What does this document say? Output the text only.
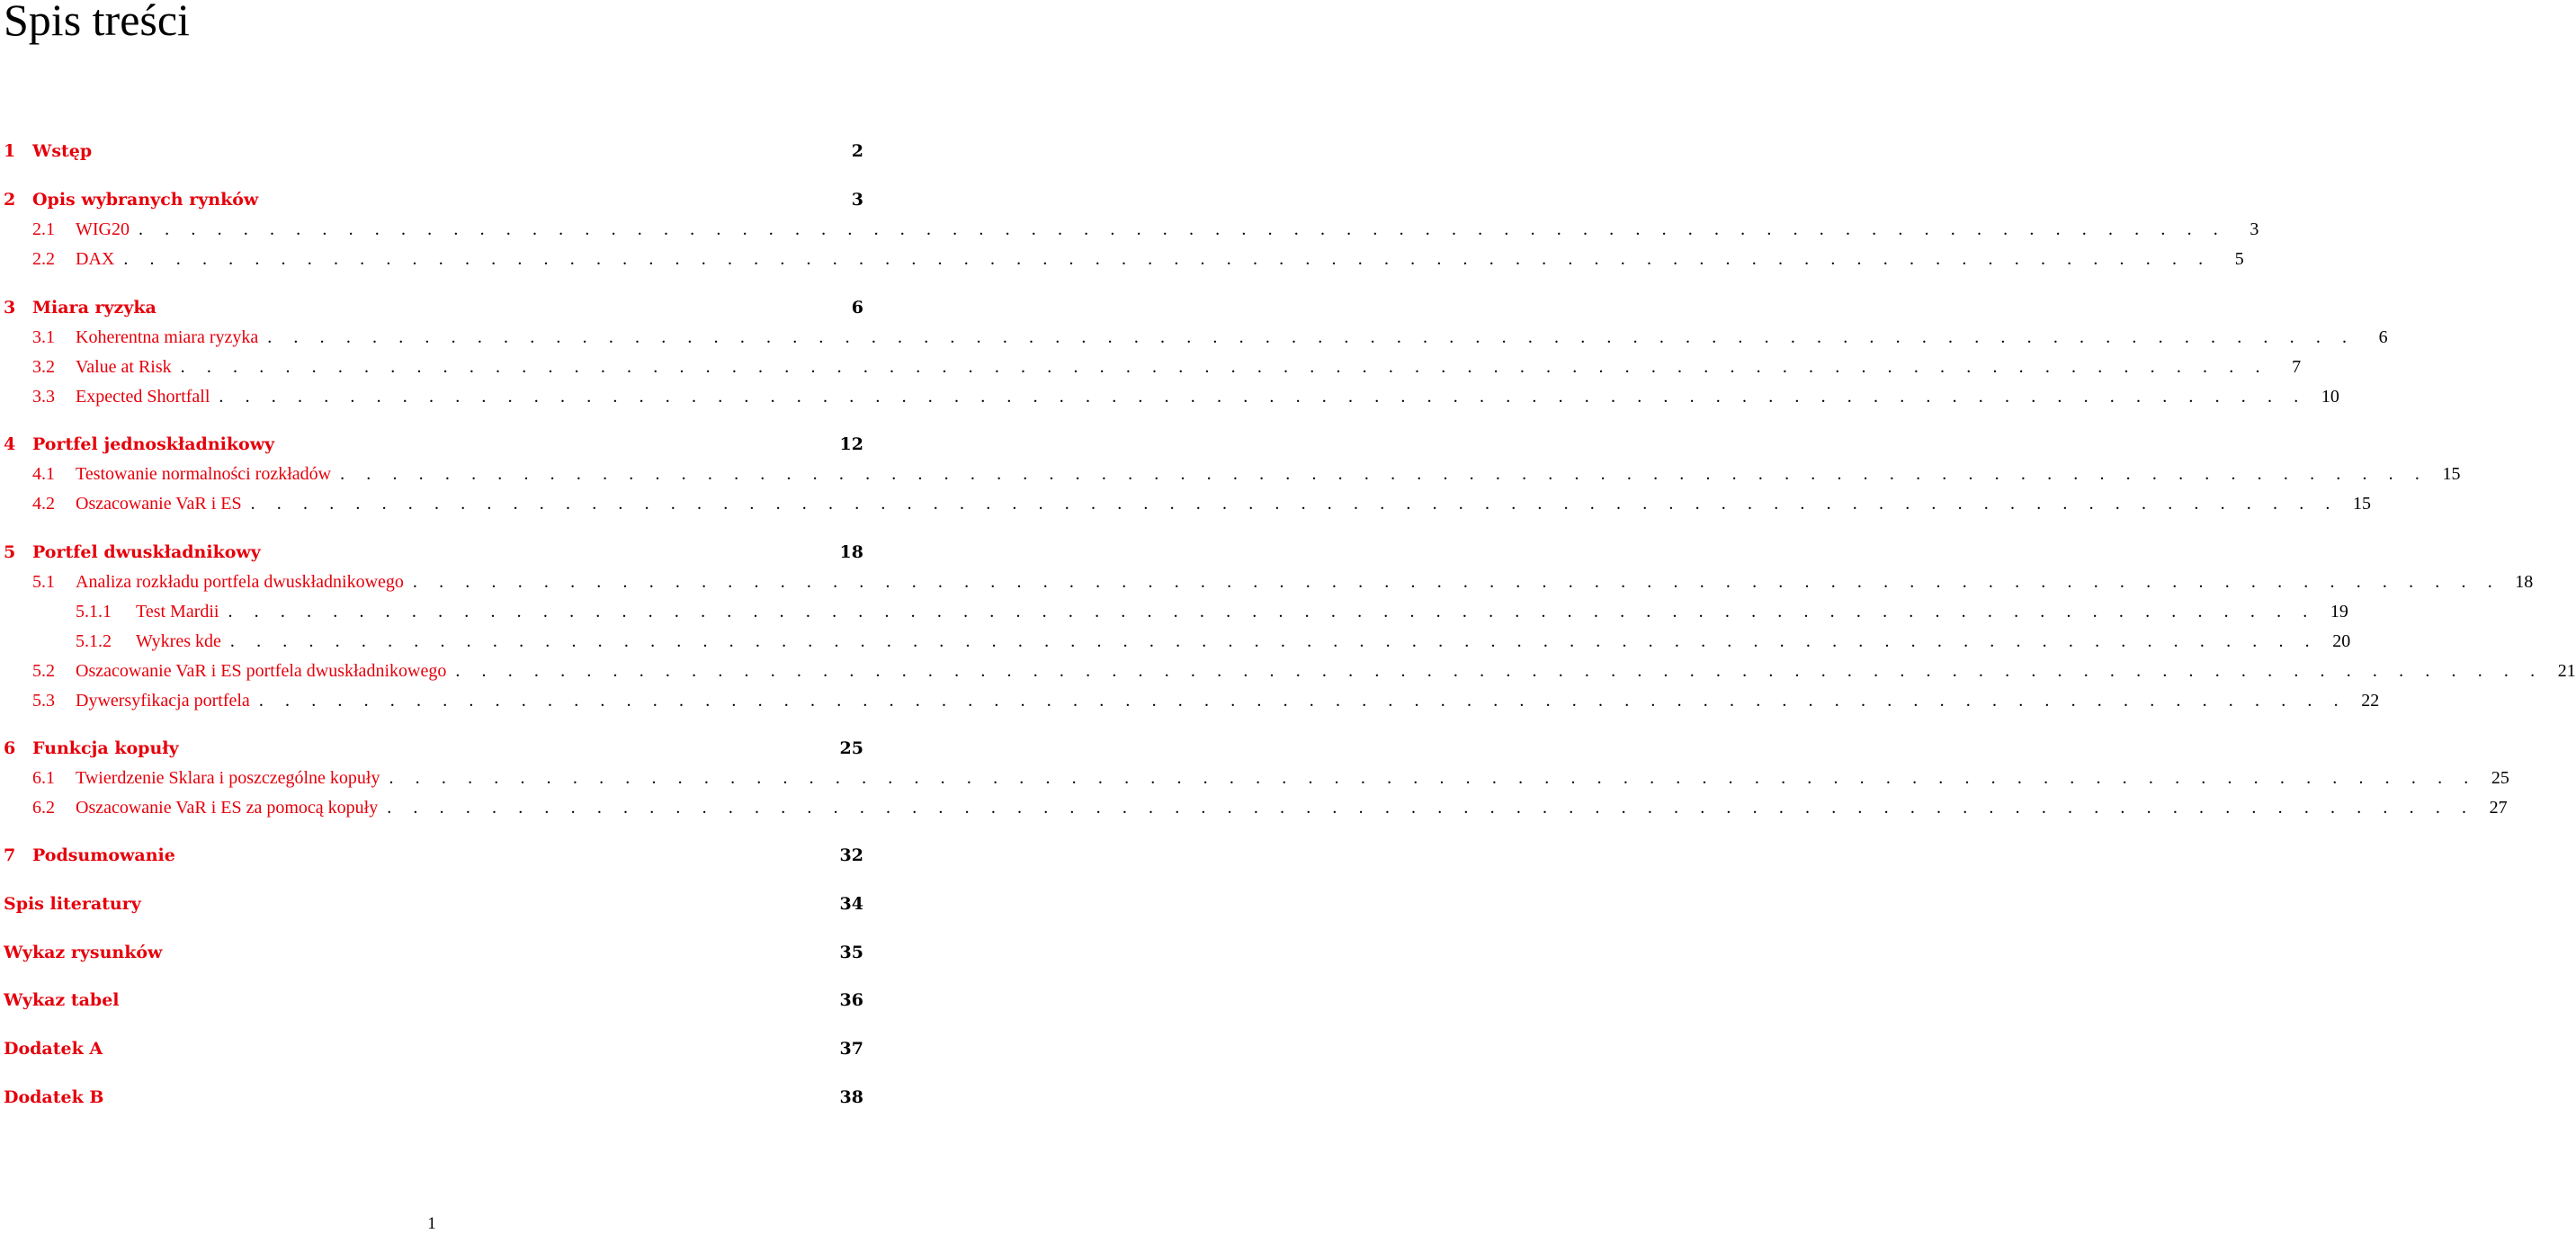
Spis treści
1 Wstęp	2
2 Opis wybranych rynków	3
2.1	WIG20 . . . . . . . . . . . . . . . . . . . . . . . . . . . . . . . . . . . . . . . . . . . . . . . . . . . . . . . . . . . . . . . . . . . . . . . . . . . . . . . .	3
2.2	DAX . . . . . . . . . . . . . . . . . . . . . . . . . . . . . . . . . . . . . . . . . . . . . . . . . . . . . . . . . . . . . . . . . . . . . . . . . . . . . . . .	5
3 Miara ryzyka	6
3.1	Koherentna miara ryzyka . . . . . . . . . . . . . . . . . . . . . . . . . . . . . . . . . . . . . . . . . . . . . . . . . . . . . . . . . . . . . . . . . . . . . . . . . . . . . . . .	6
3.2	Value at Risk . . . . . . . . . . . . . . . . . . . . . . . . . . . . . . . . . . . . . . . . . . . . . . . . . . . . . . . . . . . . . . . . . . . . . . . . . . . . . . . .	7
3.3	Expected Shortfall . . . . . . . . . . . . . . . . . . . . . . . . . . . . . . . . . . . . . . . . . . . . . . . . . . . . . . . . . . . . . . . . . . . . . . . . . . . . . . . . 10
4 Portfel jednoskładnikowy	12
4.1	Testowanie normalności rozkładów . . . . . . . . . . . . . . . . . . . . . . . . . . . . . . . . . . . . . . . . . . . . . . . . . . . . . . . . . . . . . . . . . . . . . . . . . . . . . . . . 15
4.2	Oszacowanie VaR i ES . . . . . . . . . . . . . . . . . . . . . . . . . . . . . . . . . . . . . . . . . . . . . . . . . . . . . . . . . . . . . . . . . . . . . . . . . . . . . . . . 15
5 Portfel dwuskładnikowy	18
5.1	Analiza rozkładu portfela dwuskładnikowego . . . . . . . . . . . . . . . . . . . . . . . . . . . . . . . . . . . . . . . . . . . . . . . . . . . . . . . . . . . . . . . . . . . . . . . . . . . . . . . . 18
5.1.1	Test Mardii . . . . . . . . . . . . . . . . . . . . . . . . . . . . . . . . . . . . . . . . . . . . . . . . . . . . . . . . . . . . . . . . . . . . . . . . . . . . . . . . 19
5.1.2	Wykres kde . . . . . . . . . . . . . . . . . . . . . . . . . . . . . . . . . . . . . . . . . . . . . . . . . . . . . . . . . . . . . . . . . . . . . . . . . . . . . . . . 20
5.2	Oszacowanie VaR i ES portfela dwuskładnikowego . . . . . . . . . . . . . . . . . . . . . . . . . . . . . . . . . . . . . . . . . . . . . . . . . . . . . . . . . . . . . . . . . . . . . . . . . . . . . . . . 21
5.3	Dywersyfikacja portfela . . . . . . . . . . . . . . . . . . . . . . . . . . . . . . . . . . . . . . . . . . . . . . . . . . . . . . . . . . . . . . . . . . . . . . . . . . . . . . . . 22
6 Funkcja kopuły	25
6.1	Twierdzenie Sklara i poszczególne kopuły . . . . . . . . . . . . . . . . . . . . . . . . . . . . . . . . . . . . . . . . . . . . . . . . . . . . . . . . . . . . . . . . . . . . . . . . . . . . . . . . 25
6.2	Oszacowanie VaR i ES za pomocą kopuły . . . . . . . . . . . . . . . . . . . . . . . . . . . . . . . . . . . . . . . . . . . . . . . . . . . . . . . . . . . . . . . . . . . . . . . . . . . . . . . . 27
7 Podsumowanie	32
Spis literatury	34
Wykaz rysunków	35
Wykaz tabel	36
Dodatek A	37
Dodatek B	38
1
